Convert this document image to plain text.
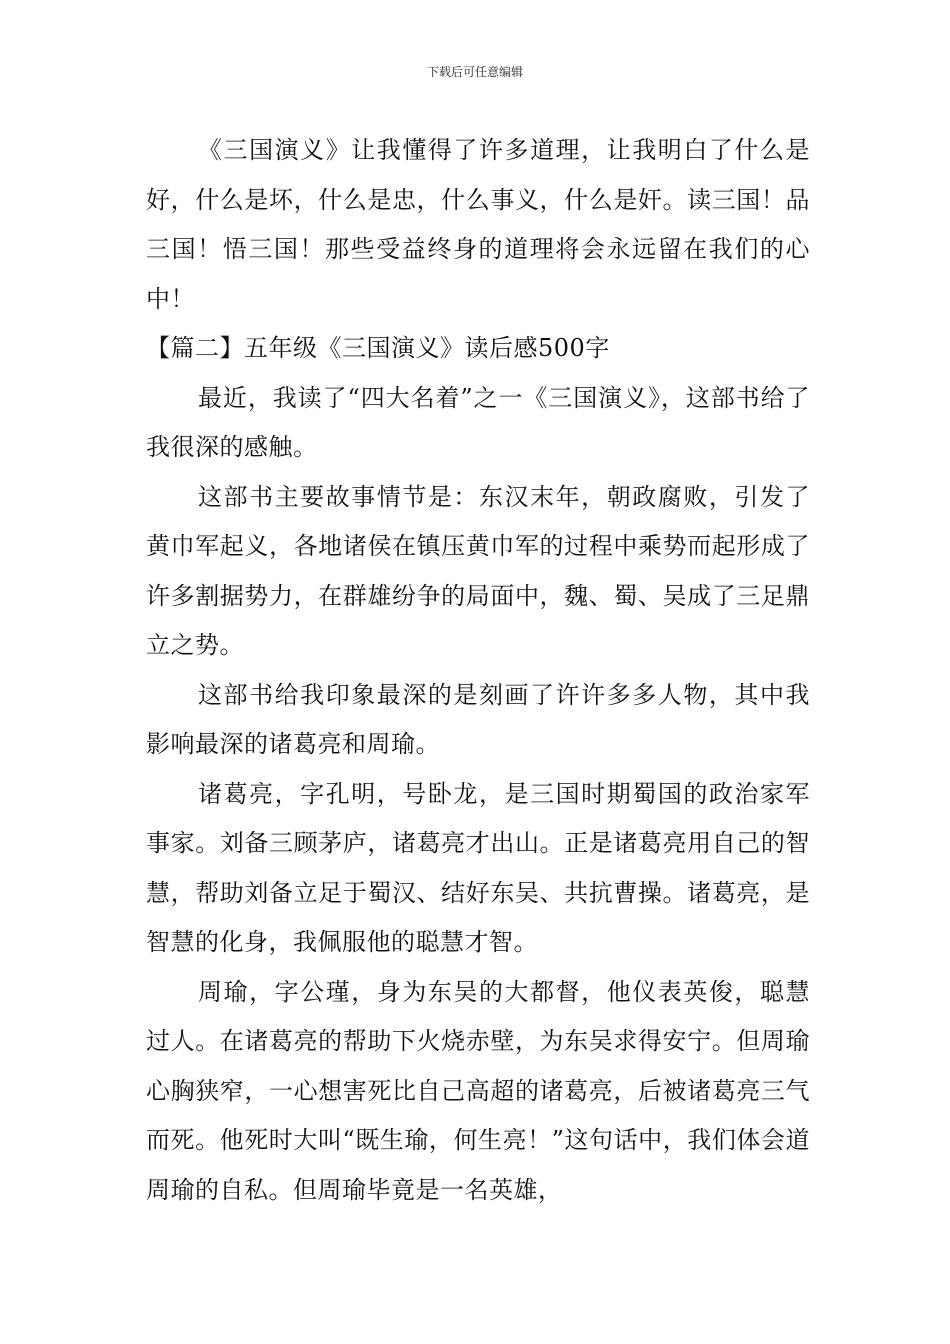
下载后可任意编辑

《三国演义》让我懂得了许多道理，让我明白了什么是好，什么是坏，什么是忠，什么事义，什么是奸。读三国！品三国！悟三国！那些受益终身的道理将会永远留在我们的心中！

【篇二】五年级《三国演义》读后感500字

最近，我读了“四大名着”之一《三国演义》，这部书给了我很深的感触。

这部书主要故事情节是：东汉末年，朝政腐败，引发了黄巾军起义，各地诸侯在镇压黄巾军的过程中乘势而起形成了许多割据势力，在群雄纷争的局面中，魏、蜀、吴成了三足鼎立之势。

这部书给我印象最深的是刻画了许许多多人物，其中我影响最深的诸葛亮和周瑜。

诸葛亮，字孔明，号卧龙，是三国时期蜀国的政治家军事家。刘备三顾茅庐，诸葛亮才出山。正是诸葛亮用自己的智慧，帮助刘备立足于蜀汉、结好东吴、共抗曹操。诸葛亮，是智慧的化身，我佩服他的聪慧才智。

周瑜，字公瑾，身为东吴的大都督，他仪表英俊，聪慧过人。在诸葛亮的帮助下火烧赤壁，为东吴求得安宁。但周瑜心胸狭窄，一心想害死比自己高超的诸葛亮，后被诸葛亮三气而死。他死时大叫“既生瑜，何生亮！”这句话中，我们体会道周瑜的自私。但周瑜毕竟是一名英雄，
